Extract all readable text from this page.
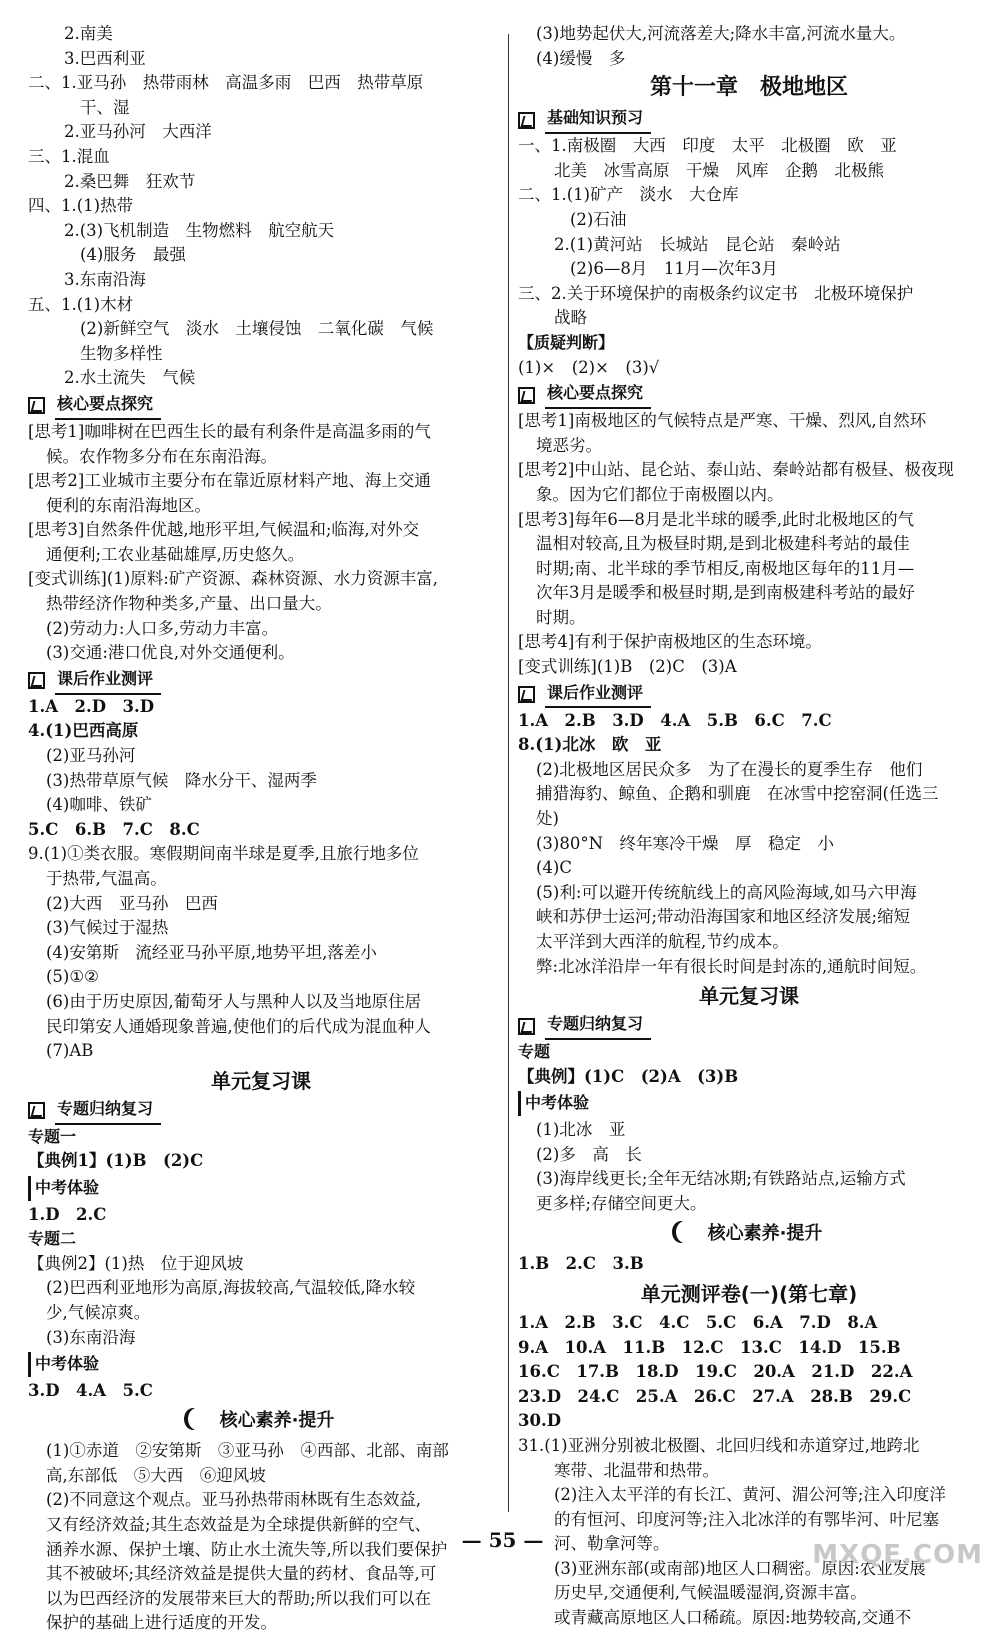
2.南美
3.巴西利亚
二、1.亚马孙　热带雨林　高温多雨　巴西　热带草原
干、湿
2.亚马孙河　大西洋
三、1.混血
2.桑巴舞　狂欢节
四、1.(1)热带
2.(3)飞机制造　生物燃料　航空航天
(4)服务　最强
3.东南沿海
五、1.(1)木材
(2)新鲜空气　淡水　土壤侵蚀　二氧化碳　气候
生物多样性
2.水土流失　气候
核心要点探究
[思考1]咖啡树在巴西生长的最有利条件是高温多雨的气
候。农作物多分布在东南沿海。
[思考2]工业城市主要分布在靠近原材料产地、海上交通
便利的东南沿海地区。
[思考3]自然条件优越,地形平坦,气候温和;临海,对外交
通便利;工农业基础雄厚,历史悠久。
[变式训练](1)原料:矿产资源、森林资源、水力资源丰富,
热带经济作物种类多,产量、出口量大。
(2)劳动力:人口多,劳动力丰富。
(3)交通:港口优良,对外交通便利。
课后作业测评
1.A　2.D　3.D
4.(1)巴西高原
(2)亚马孙河
(3)热带草原气候　降水分干、湿两季
(4)咖啡、铁矿
5.C　6.B　7.C　8.C
9.(1)①类衣服。寒假期间南半球是夏季,且旅行地多位
于热带,气温高。
(2)大西　亚马孙　巴西
(3)气候过于湿热
(4)安第斯　流经亚马孙平原,地势平坦,落差小
(5)①②
(6)由于历史原因,葡萄牙人与黑种人以及当地原住居
民印第安人通婚现象普遍,使他们的后代成为混血种人
(7)AB
单元复习课
专题归纳复习
专题一
【典例1】(1)B　(2)C
中考体验
1.D　2.C
专题二
【典例2】(1)热　位于迎风坡
(2)巴西利亚地形为高原,海拔较高,气温较低,降水较
少,气候凉爽。
(3)东南沿海
中考体验
3.D　4.A　5.C
核心素养·提升
(1)①赤道　②安第斯　③亚马孙　④西部、北部、南部
高,东部低　⑤大西　⑥迎风坡
(2)不同意这个观点。亚马孙热带雨林既有生态效益,
又有经济效益;其生态效益是为全球提供新鲜的空气、
涵养水源、保护土壤、防止水土流失等,所以我们要保护
其不被破坏;其经济效益是提供大量的药材、食品等,可
以为巴西经济的发展带来巨大的帮助;所以我们可以在
保护的基础上进行适度的开发。
(3)地势起伏大,河流落差大;降水丰富,河流水量大。
(4)缓慢　多
第十一章　极地地区
基础知识预习
一、1.南极圈　大西　印度　太平　北极圈　欧　亚
北美　冰雪高原　干燥　风库　企鹅　北极熊
二、1.(1)矿产　淡水　大仓库
(2)石油
2.(1)黄河站　长城站　昆仑站　秦岭站
(2)6—8月　11月—次年3月
三、2.关于环境保护的南极条约议定书　北极环境保护
战略
【质疑判断】
(1)×　(2)×　(3)√
核心要点探究
[思考1]南极地区的气候特点是严寒、干燥、烈风,自然环
境恶劣。
[思考2]中山站、昆仑站、泰山站、秦岭站都有极昼、极夜现
象。因为它们都位于南极圈以内。
[思考3]每年6—8月是北半球的暖季,此时北极地区的气
温相对较高,且为极昼时期,是到北极建科考站的最佳
时期;南、北半球的季节相反,南极地区每年的11月—
次年3月是暖季和极昼时期,是到南极建科考站的最好
时期。
[思考4]有利于保护南极地区的生态环境。
[变式训练](1)B　(2)C　(3)A
课后作业测评
1.A　2.B　3.D　4.A　5.B　6.C　7.C
8.(1)北冰　欧　亚
(2)北极地区居民众多　为了在漫长的夏季生存　他们
捕猎海豹、鲸鱼、企鹅和驯鹿　在冰雪中挖窑洞(任选三
处)
(3)80°N　终年寒冷干燥　厚　稳定　小
(4)C
(5)利:可以避开传统航线上的高风险海域,如马六甲海
峡和苏伊士运河;带动沿海国家和地区经济发展;缩短
太平洋到大西洋的航程,节约成本。
弊:北冰洋沿岸一年有很长时间是封冻的,通航时间短。
单元复习课
专题归纳复习
专题
【典例】(1)C　(2)A　(3)B
中考体验
(1)北冰　亚
(2)多　高　长
(3)海岸线更长;全年无结冰期;有铁路站点,运输方式
更多样;存储空间更大。
核心素养·提升
1.B　2.C　3.B
单元测评卷(一)(第七章)
1.A　2.B　3.C　4.C　5.C　6.A　7.D　8.A
9.A　10.A　11.B　12.C　13.C　14.D　15.B
16.C　17.B　18.D　19.C　20.A　21.D　22.A
23.D　24.C　25.A　26.C　27.A　28.B　29.C
30.D
31.(1)亚洲分别被北极圈、北回归线和赤道穿过,地跨北
寒带、北温带和热带。
(2)注入太平洋的有长江、黄河、湄公河等;注入印度洋
的有恒河、印度河等;注入北冰洋的有鄂毕河、叶尼塞
河、勒拿河等。
(3)亚洲东部(或南部)地区人口稠密。原因:农业发展
历史早,交通便利,气候温暖湿润,资源丰富。
或青藏高原地区人口稀疏。原因:地势较高,交通不
— 55 —	MXQE.COM
